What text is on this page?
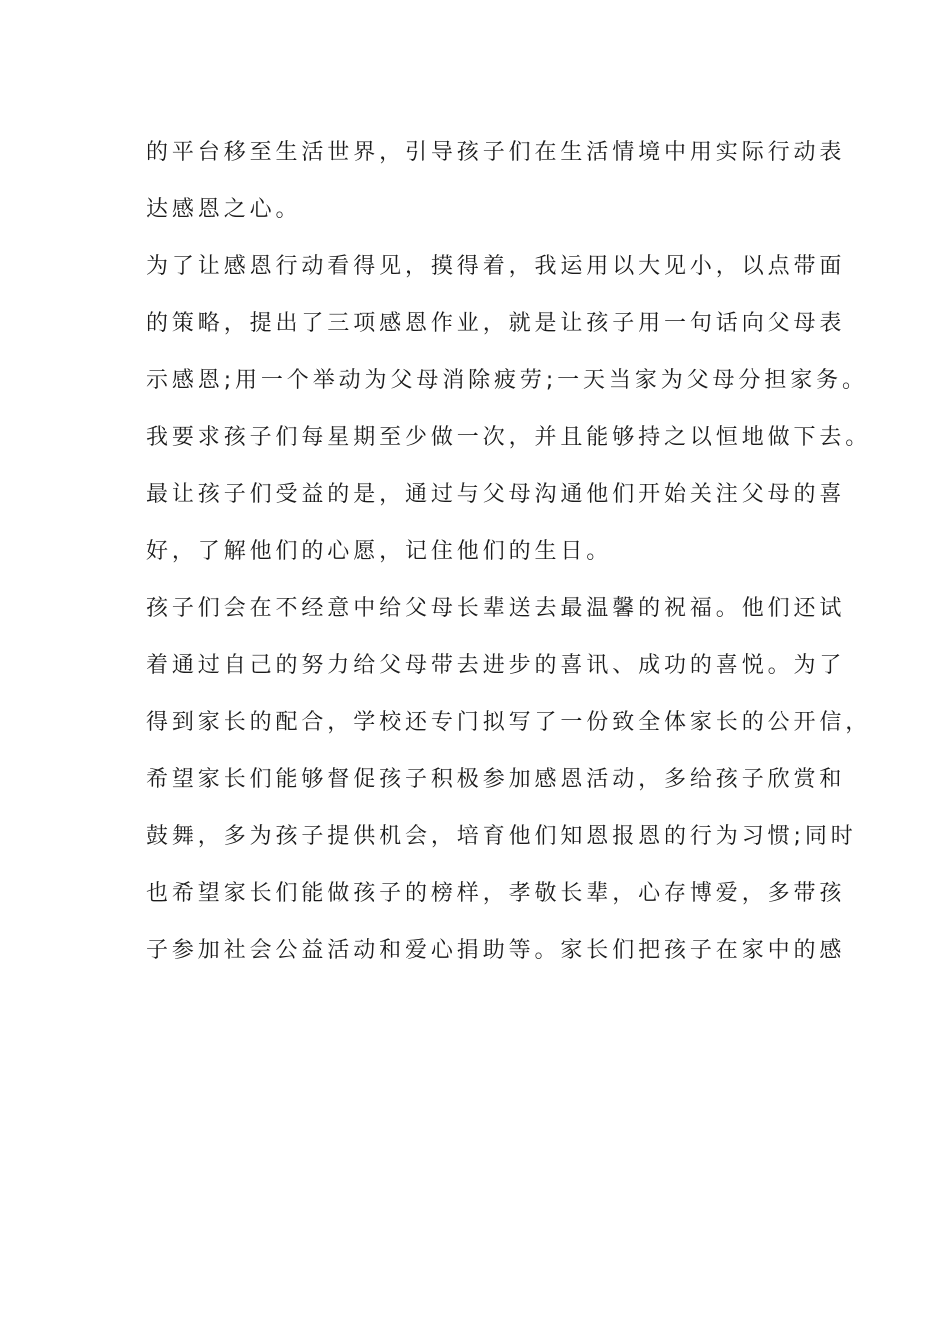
的平台移至生活世界，引导孩子们在生活情境中用实际行动表
达感恩之心。
为了让感恩行动看得见，摸得着，我运用以大见小，以点带面
的策略，提出了三项感恩作业，就是让孩子用一句话向父母表
示感恩;用一个举动为父母消除疲劳;一天当家为父母分担家务。
我要求孩子们每星期至少做一次，并且能够持之以恒地做下去。
最让孩子们受益的是，通过与父母沟通他们开始关注父母的喜
好，了解他们的心愿，记住他们的生日。
孩子们会在不经意中给父母长辈送去最温馨的祝福。他们还试
着通过自己的努力给父母带去进步的喜讯、成功的喜悦。为了
得到家长的配合，学校还专门拟写了一份致全体家长的公开信，
希望家长们能够督促孩子积极参加感恩活动，多给孩子欣赏和
鼓舞，多为孩子提供机会，培育他们知恩报恩的行为习惯;同时
也希望家长们能做孩子的榜样，孝敬长辈，心存博爱，多带孩
子参加社会公益活动和爱心捐助等。家长们把孩子在家中的感
